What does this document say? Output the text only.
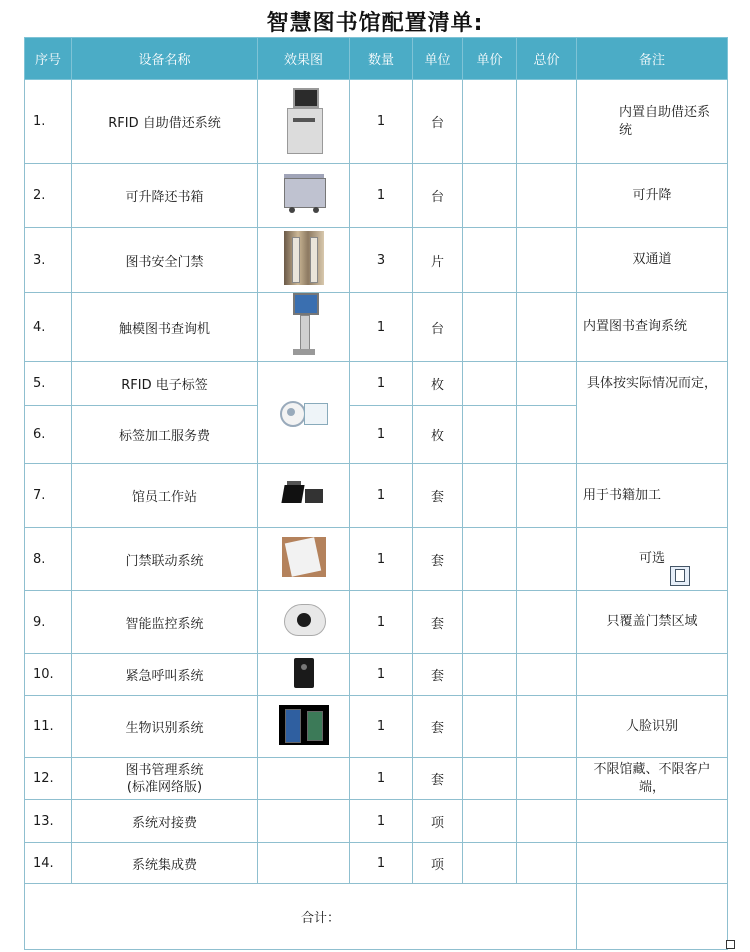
智慧图书馆配置清单:
序号	设备名称	效果图	数量	单位	单价	总价	备注
1.	RFID 自助借还系统		1	台			内置自助借还系统

2.	可升降还书箱		1	台			可升降
3.	图书安全门禁		3	片			双通道
4.	触模图书查询机		1	台			内置图书查询系统
5.	RFID 电子标签		1	枚			具体按实际情况而定，

6.	标签加工服务费		1	枚			
7.	馆员工作站		1	套			用于书籍加工
8.	门禁联动系统		1	套			可选
9.	智能监控系统		1	套			只覆盖门禁区域
10.	紧急呼叫系统		1	套			
11.	生物识别系统		1	套			人脸识别
12.	图书管理系统
(标准网络版)		1	套			不限馆藏、不限客户端，

13.	系统对接费		1	项			
14.	系统集成费		1	项			
合计：							
